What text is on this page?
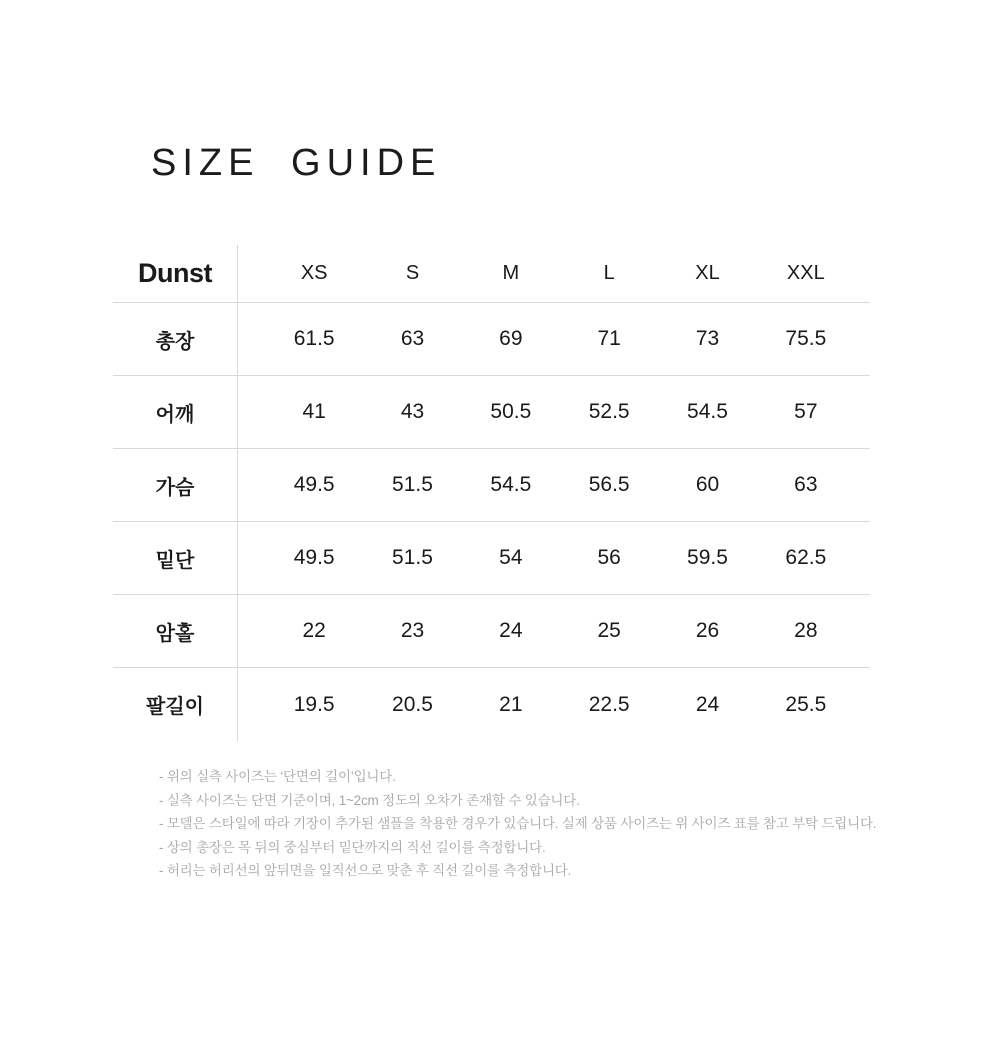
SIZE GUIDE
Dunst	XS	S	M	L	XL	XXL
총장	61.5	63	69	71	73	75.5
어깨	41	43	50.5	52.5	54.5	57
가슴	49.5	51.5	54.5	56.5	60	63
밑단	49.5	51.5	54	56	59.5	62.5
암홀	22	23	24	25	26	28
팔길이	19.5	20.5	21	22.5	24	25.5
- 위의 실측 사이즈는 ‘단면의 길이’입니다.
- 실측 사이즈는 단면 기준이며, 1~2cm 정도의 오차가 존재할 수 있습니다.
- 모델은 스타일에 따라 기장이 추가된 샘플을 착용한 경우가 있습니다. 실제 상품 사이즈는 위 사이즈 표를 참고 부탁 드립니다.
- 상의 총장은 목 뒤의 중심부터 밑단까지의 직선 길이를 측정합니다.
- 허리는 허리선의 앞뒤면을 일직선으로 맞춘 후 직선 길이를 측정합니다.
